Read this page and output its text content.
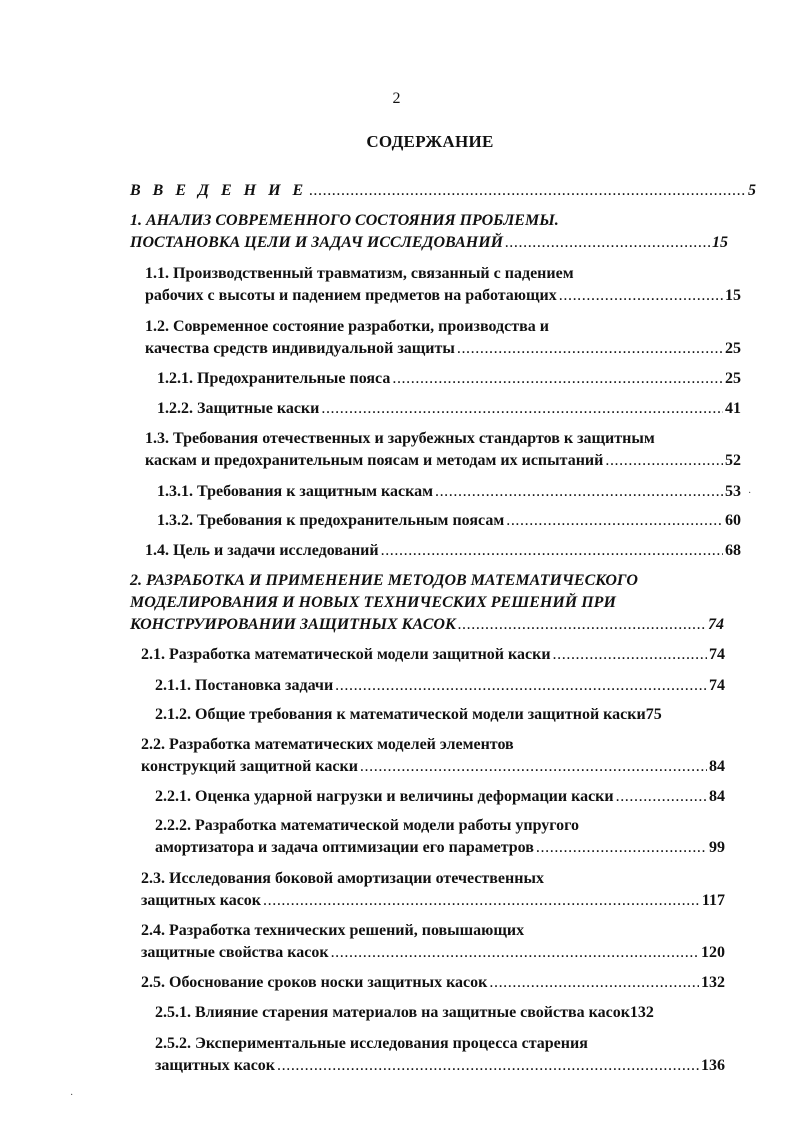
2
СОДЕРЖАНИЕ
В В Е Д Е Н И Е .....	5
1. АНАЛИЗ СОВРЕМЕННОГО СОСТОЯНИЯ ПРОБЛЕМЫ.
ПОСТАНОВКА ЦЕЛИ И ЗАДАЧ ИССЛЕДОВАНИЙ .....	15
1.1. Производственный травматизм, связанный с падением
рабочих с высоты и падением предметов на работающих .....	15
1.2. Современное состояние разработки, производства и
качества средств индивидуальной защиты .....	25
1.2.1. Предохранительные пояса .....	25
1.2.2. Защитные каски .....	41
1.3. Требования отечественных и зарубежных стандартов к защитным
каскам и предохранительным поясам и методам их испытаний .....	52
1.3.1. Требования к защитным каскам .....	53
1.3.2. Требования к предохранительным поясам .....	60
1.4. Цель и задачи исследований .....	68
2. РАЗРАБОТКА И ПРИМЕНЕНИЕ МЕТОДОВ МАТЕМАТИЧЕСКОГО
МОДЕЛИРОВАНИЯ И НОВЫХ ТЕХНИЧЕСКИХ РЕШЕНИЙ ПРИ
КОНСТРУИРОВАНИИ ЗАЩИТНЫХ КАСОК .....	74
2.1. Разработка математической модели защитной каски .....	74
2.1.1. Постановка задачи .....	74
2.1.2. Общие требования к математической модели защитной каски 75
2.2. Разработка математических моделей элементов
конструкций защитной каски .....	84
2.2.1. Оценка ударной нагрузки и величины деформации каски .....	84
2.2.2. Разработка математической модели работы упругого
амортизатора и задача оптимизации его параметров .....	99
2.3. Исследования боковой амортизации отечественных
защитных касок .....	117
2.4. Разработка технических решений, повышающих
защитные свойства касок .....	120
2.5. Обоснование сроков носки защитных касок .....	132
2.5.1. Влияние старения материалов на защитные свойства касок 132
2.5.2. Экспериментальные исследования процесса старения
защитных касок .....	136
·
·
